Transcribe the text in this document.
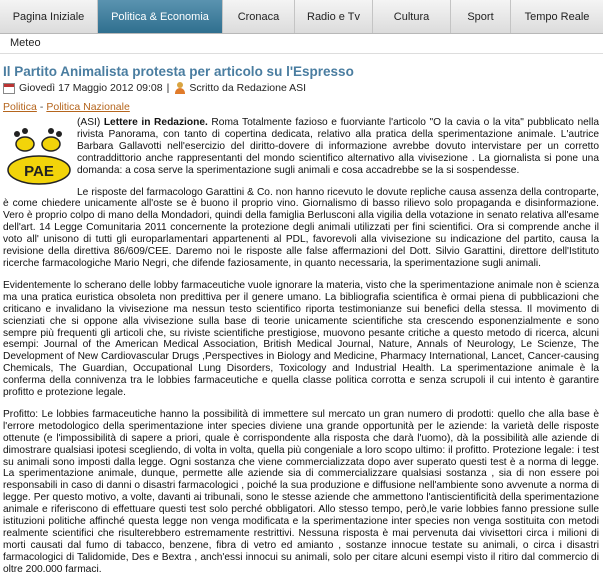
Pagina Iniziale	Politica & Economia	Cronaca	Radio e Tv	Cultura	Sport	Tempo Reale
Meteo
Il Partito Animalista protesta per articolo su l'Espresso
Giovedì 17 Maggio 2012 09:08 | Scritto da Redazione ASI
Politica - Politica Nazionale
PAE

(ASI) Lettere in Redazione. Roma Totalmente fazioso e fuorviante l'articolo "O la cavia o la vita" pubblicato nella rivista Panorama, con tanto di copertina dedicata, relativo alla pratica della sperimentazione animale. L'autrice Barbara Gallavotti nell'esercizio del diritto-dovere di informazione avrebbe dovuto intervistare per un corretto contraddittorio anche rappresentanti del mondo scientifico alternativo alla vivisezione . La giornalista si pone una domanda: a cosa serve la sperimentazione sugli animali e cosa accadrebbe se la si sospendesse.

Le risposte del farmacologo Garattini & Co. non hanno ricevuto le dovute repliche causa assenza della controparte, è come chiedere unicamente all'oste se è buono il proprio vino. Giornalismo di basso rilievo solo propaganda e disinformazione. Vero è proprio colpo di mano della Mondadori, quindi della famiglia Berlusconi alla vigilia della votazione in senato relativa all'esame dell'art. 14 Legge Comunitaria 2011 concernente la protezione degli animali utilizzati per fini scientifici. Ora si comprende anche il voto all' unisono di tutti gli europarlamentari appartenenti al PDL, favorevoli alla vivisezione su indicazione del partito, causa la revisione della direttiva 86/609/CEE. Daremo noi le risposte alle false affermazioni del Dott. Silvio Garattini, direttore dell'Istituto ricerche farmacologiche Mario Negri, che difende faziosamente, in quanto necessaria, la sperimentazione sugli animali.

Evidentemente lo scherano delle lobby farmaceutiche vuole ignorare la materia, visto che la sperimentazione animale non è scienza ma una pratica euristica obsoleta non predittiva per il genere umano. La bibliografia scientifica è ormai piena di pubblicazioni che criticano e invalidano la vivisezione ma nessun testo scientifico riporta testimonianze sui benefici della stessa. Il movimento di scienziati che si oppone alla vivisezione sulla base di teorie unicamente scientifiche sta crescendo esponenzialmente e sono sempre più frequenti gli articoli che, su riviste scientifiche prestigiose, muovono pesante critiche a questo metodo di ricerca, alcuni esempi: Journal of the American Medical Association, British Medical Journal, Nature, Annals of Neurology, Le Scienze, The Development of New Cardiovascular Drugs ,Perspectives in Biology and Medicine, Pharmacy International, Lancet, Cancer-causing Chemicals, The Guardian, Occupational Lung Disorders, Toxicology and Industrial Health. La sperimentazione animale è la conferma della connivenza tra le lobbies farmaceutiche e quella classe politica corrotta e senza scrupoli il cui intento è garantire profitto e protezione legale.

Profitto: Le lobbies farmaceutiche hanno la possibilità di immettere sul mercato un gran numero di prodotti: quello che alla base è l'errore metodologico della sperimentazione inter species diviene una grande opportunità per le aziende: la varietà delle risposte ottenute (e l'impossibilità di sapere a priori, quale è corrispondente alla risposta che darà l'uomo), dà la possibilità alle aziende di dimostrare qualsiasi ipotesi scegliendo, di volta in volta, quella più congeniale a loro scopo ultimo: il profitto. Protezione legale: i test su animali sono imposti dalla legge. Ogni sostanza che viene commercializzata dopo aver superato questi test è a norma di legge. La sperimentazione animale, dunque, permette alle aziende sia di commercializzare qualsiasi sostanza , sia di non essere poi responsabili in caso di danni o disastri farmacologici , poiché la sua produzione e diffusione nell'ambiente sono avvenute a norma di legge. Per questo motivo, a volte, davanti ai tribunali, sono le stesse aziende che ammettono l'antiscientificità della sperimentazione animale e riferiscono di effettuare questi test solo perché obbligatori. Allo stesso tempo, però,le varie lobbies fanno pressione sulle istituzioni politiche affinché questa legge non venga modificata e la sperimentazione inter species non venga sostituita con metodi realmente scientifici che risulterebbero estremamente restrittivi. Nessuna risposta è mai pervenuta dai vivisettori circa i milioni di morti causati dal fumo di tabacco, benzene, fibra di vetro ed amianto , sostanze innocue testate su animali, o circa i disastri farmacologici di Talidomide, Des e Bextra , anch'essi innocui su animali, solo per citare alcuni esempi visto il ritiro dal commercio di oltre 200.000 farmaci.
